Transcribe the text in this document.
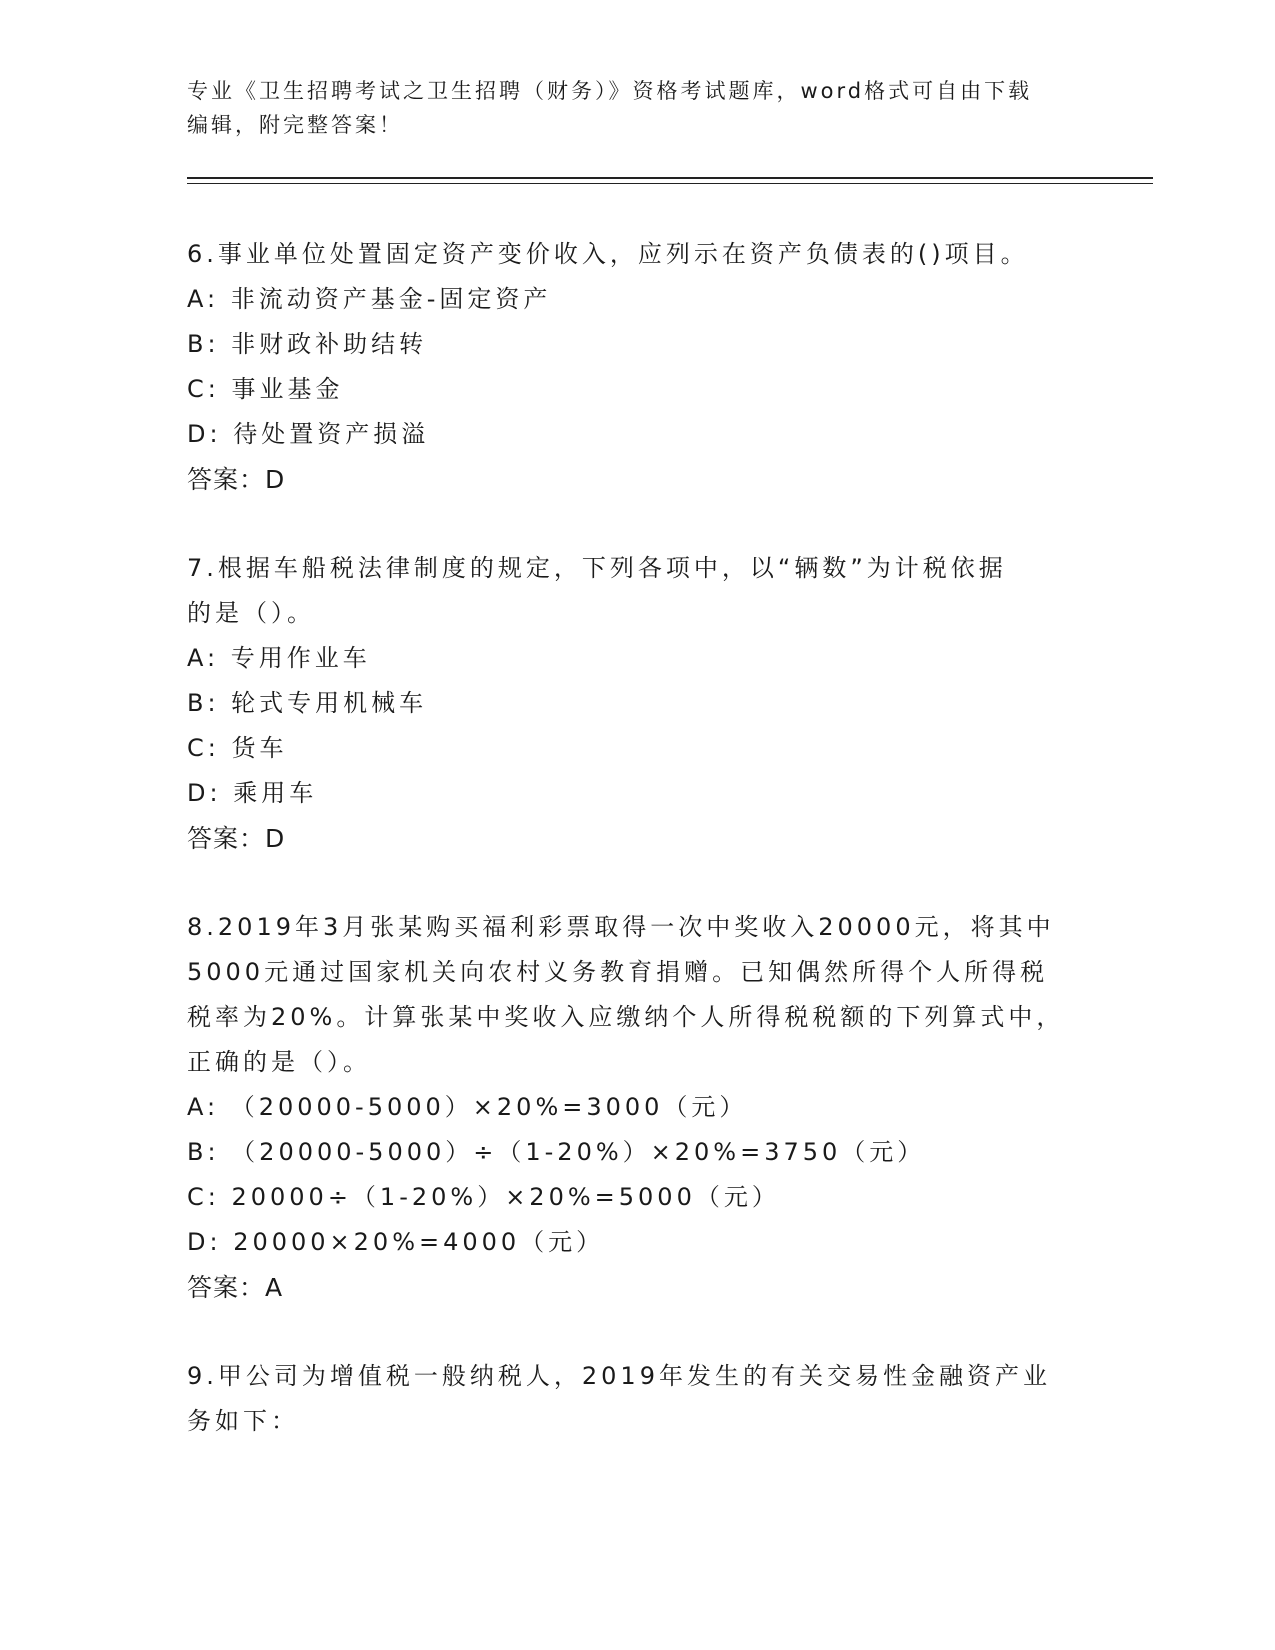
专业《卫生招聘考试之卫生招聘（财务）》资格考试题库，word格式可自由下载
编辑，附完整答案！

6.事业单位处置固定资产变价收入，应列示在资产负债表的()项目。

A: 非流动资产基金-固定资产

B: 非财政补助结转

C: 事业基金

D: 待处置资产损溢

答案：D

7.根据车船税法律制度的规定，下列各项中，以“辆数”为计税依据

的是（）。

A: 专用作业车

B: 轮式专用机械车

C: 货车

D: 乘用车

答案：D

8.2019年3月张某购买福利彩票取得一次中奖收入20000元，将其中

5000元通过国家机关向农村义务教育捐赠。已知偶然所得个人所得税

税率为20%。计算张某中奖收入应缴纳个人所得税税额的下列算式中，

正确的是（）。

A: （20000-5000）×20%=3000（元）

B: （20000-5000）÷（1-20%）×20%=3750（元）

C: 20000÷（1-20%）×20%=5000（元）

D: 20000×20%=4000（元）

答案：A

9.甲公司为增值税一般纳税人，2019年发生的有关交易性金融资产业

务如下：
